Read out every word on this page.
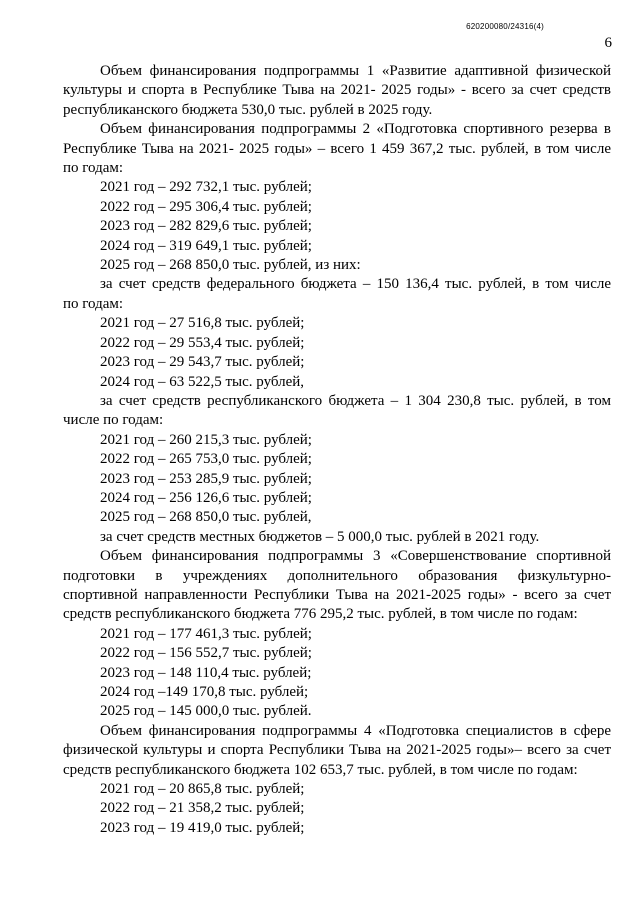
620200080/24316(4)
6

Объем финансирования подпрограммы 1 «Развитие адаптивной физической

культуры и спорта в Республике Тыва на 2021- 2025 годы» - всего за счет средств

республиканского бюджета 530,0 тыс. рублей в 2025 году.

Объем финансирования подпрограммы 2 «Подготовка спортивного резерва в

Республике Тыва на 2021- 2025 годы» – всего 1 459 367,2 тыс. рублей, в том числе

по годам:

2021 год – 292 732,1 тыс. рублей;

2022 год – 295 306,4 тыс. рублей;

2023 год – 282 829,6 тыс. рублей;

2024 год – 319 649,1 тыс. рублей;

2025 год – 268 850,0 тыс. рублей, из них:

за счет средств федерального бюджета – 150 136,4 тыс. рублей, в том числе

по годам:

2021 год – 27 516,8 тыс. рублей;

2022 год – 29 553,4 тыс. рублей;

2023 год – 29 543,7 тыс. рублей;

2024 год – 63 522,5 тыс. рублей,

за счет средств республиканского бюджета – 1 304 230,8 тыс. рублей, в том

числе по годам:

2021 год – 260 215,3 тыс. рублей;

2022 год – 265 753,0 тыс. рублей;

2023 год – 253 285,9 тыс. рублей;

2024 год – 256 126,6 тыс. рублей;

2025 год – 268 850,0 тыс. рублей,

за счет средств местных бюджетов – 5 000,0 тыс. рублей в 2021 году.

Объем финансирования подпрограммы 3 «Совершенствование спортивной

подготовки в учреждениях дополнительного образования физкультурно-

спортивной направленности Республики Тыва на 2021-2025 годы» - всего за счет

средств республиканского бюджета 776 295,2 тыс. рублей, в том числе по годам:

2021 год – 177 461,3 тыс. рублей;

2022 год – 156 552,7 тыс. рублей;

2023 год – 148 110,4 тыс. рублей;

2024 год –149 170,8 тыс. рублей;

2025 год – 145 000,0 тыс. рублей.

Объем финансирования подпрограммы 4 «Подготовка специалистов в сфере

физической культуры и спорта Республики Тыва на 2021-2025 годы»– всего за счет

средств республиканского бюджета 102 653,7 тыс. рублей, в том числе по годам:

2021 год – 20 865,8 тыс. рублей;

2022 год – 21 358,2 тыс. рублей;

2023 год – 19 419,0 тыс. рублей;
